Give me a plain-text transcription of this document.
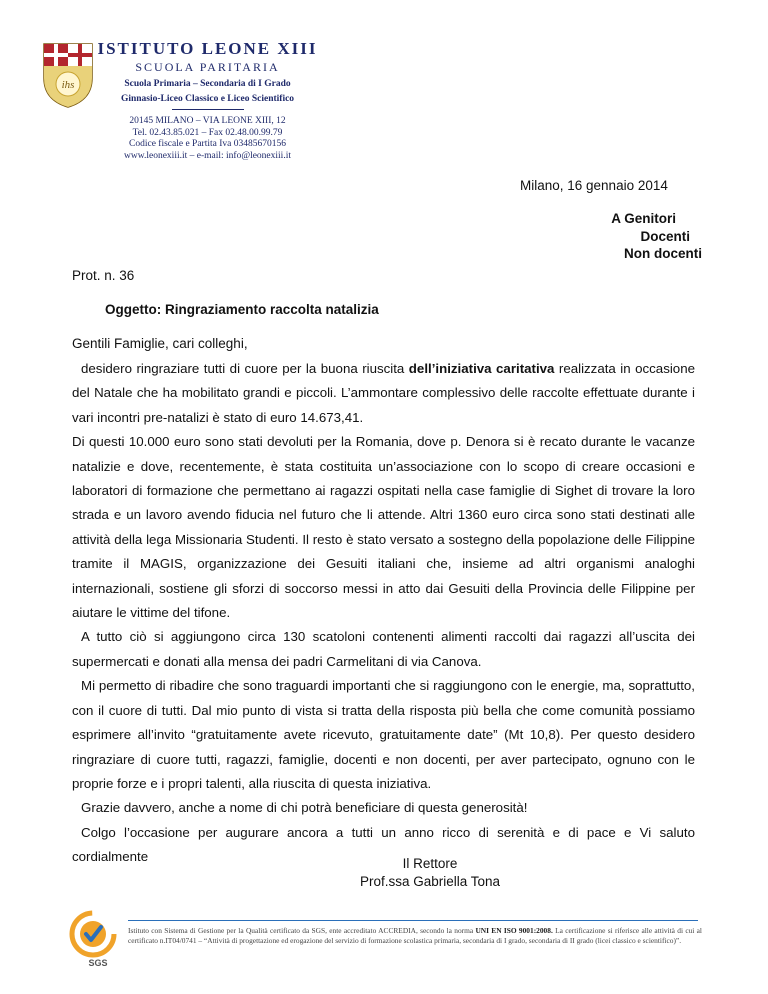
ihs
ISTITUTO LEONE XIII
SCUOLA PARITARIA
Scuola Primaria – Secondaria di I Grado
Ginnasio-Liceo Classico e Liceo Scientifico
20145 MILANO – VIA LEONE XIII, 12
Tel. 02.43.85.021 – Fax 02.48.00.99.79
Codice fiscale e Partita Iva 03485670156
www.leonexiii.it – e-mail: info@leonexiii.it
Milano, 16 gennaio 2014
A Genitori
Docenti
Non docenti
Prot. n. 36
Oggetto: Ringraziamento raccolta natalizia
Gentili Famiglie, cari colleghi,

desidero ringraziare tutti di cuore per la buona riuscita dell’iniziativa caritativa realizzata in occasione del Natale che ha mobilitato grandi e piccoli. L’ammontare complessivo delle raccolte effettuate durante i vari incontri pre-natalizi è stato di euro 14.673,41.

Di questi 10.000 euro sono stati devoluti per la Romania, dove p. Denora si è recato durante le vacanze natalizie e dove, recentemente, è stata costituita un’associazione con lo scopo di creare occasioni e laboratori di formazione che permettano ai ragazzi ospitati nella case famiglie di Sighet di trovare la loro strada e un lavoro avendo fiducia nel futuro che li attende. Altri 1360 euro circa sono stati destinati alle attività della lega Missionaria Studenti. Il resto è stato versato a sostegno della popolazione delle Filippine tramite il MAGIS, organizzazione dei Gesuiti italiani che, insieme ad altri organismi analoghi internazionali, sostiene gli sforzi di soccorso messi in atto dai Gesuiti della Provincia delle Filippine per aiutare le vittime del tifone.

A tutto ciò si aggiungono circa 130 scatoloni contenenti alimenti raccolti dai ragazzi all’uscita dei supermercati e donati alla mensa dei padri Carmelitani di via Canova.

Mi permetto di ribadire che sono traguardi importanti che si raggiungono con le energie, ma, soprattutto, con il cuore di tutti. Dal mio punto di vista si tratta della risposta più bella che come comunità possiamo esprimere all’invito “gratuitamente avete ricevuto, gratuitamente date” (Mt 10,8). Per questo desidero ringraziare di cuore tutti, ragazzi, famiglie, docenti e non docenti, per aver partecipato, ognuno con le proprie forze e i propri talenti, alla riuscita di questa iniziativa.

Grazie davvero, anche a nome di chi potrà beneficiare di questa generosità!

Colgo l’occasione per augurare ancora a tutti un anno ricco di serenità e di pace e Vi saluto cordialmente	Il Rettore
Prof.ssa Gabriella Tona
SGS
Istituto con Sistema di Gestione per la Qualità certificato da SGS, ente accreditato ACCREDIA, secondo la norma UNI EN ISO 9001:2008. La certificazione si riferisce alle attività di cui al certificato n.IT04/0741 – “Attività di progettazione ed erogazione del servizio di formazione scolastica primaria, secondaria di I grado, secondaria di II grado (licei classico e scientifico)”.
